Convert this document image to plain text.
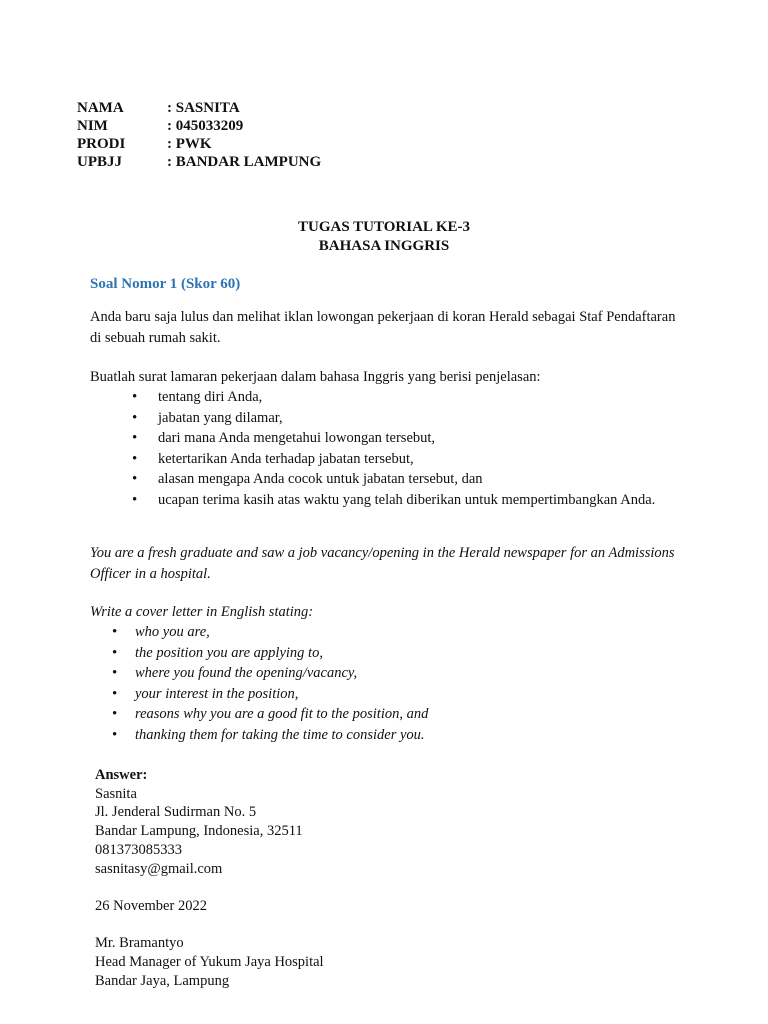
NAMA	: SASNITA
NIM	: 045033209
PRODI	: PWK
UPBJJ	: BANDAR LAMPUNG
TUGAS TUTORIAL KE-3
BAHASA INGGRIS
Soal Nomor 1 (Skor 60)

Anda baru saja lulus dan melihat iklan lowongan pekerjaan di koran Herald sebagai Staf Pendaftaran di sebuah rumah sakit.

Buatlah surat lamaran pekerjaan dalam bahasa Inggris yang berisi penjelasan:

• tentang diri Anda,
• jabatan yang dilamar,
• dari mana Anda mengetahui lowongan tersebut,
• ketertarikan Anda terhadap jabatan tersebut,
• alasan mengapa Anda cocok untuk jabatan tersebut, dan
• ucapan terima kasih atas waktu yang telah diberikan untuk mempertimbangkan Anda.

You are a fresh graduate and saw a job vacancy/opening in the Herald newspaper for an Admissions Officer in a hospital.

Write a cover letter in English stating:

• who you are,
• the position you are applying to,
• where you found the opening/vacancy,
• your interest in the position,
• reasons why you are a good fit to the position, and
• thanking them for taking the time to consider you.
Answer:
Sasnita
Jl. Jenderal Sudirman No. 5
Bandar Lampung, Indonesia, 32511
081373085333
sasnitasy@gmail.com
26 November 2022
Mr. Bramantyo
Head Manager of Yukum Jaya Hospital
Bandar Jaya, Lampung
